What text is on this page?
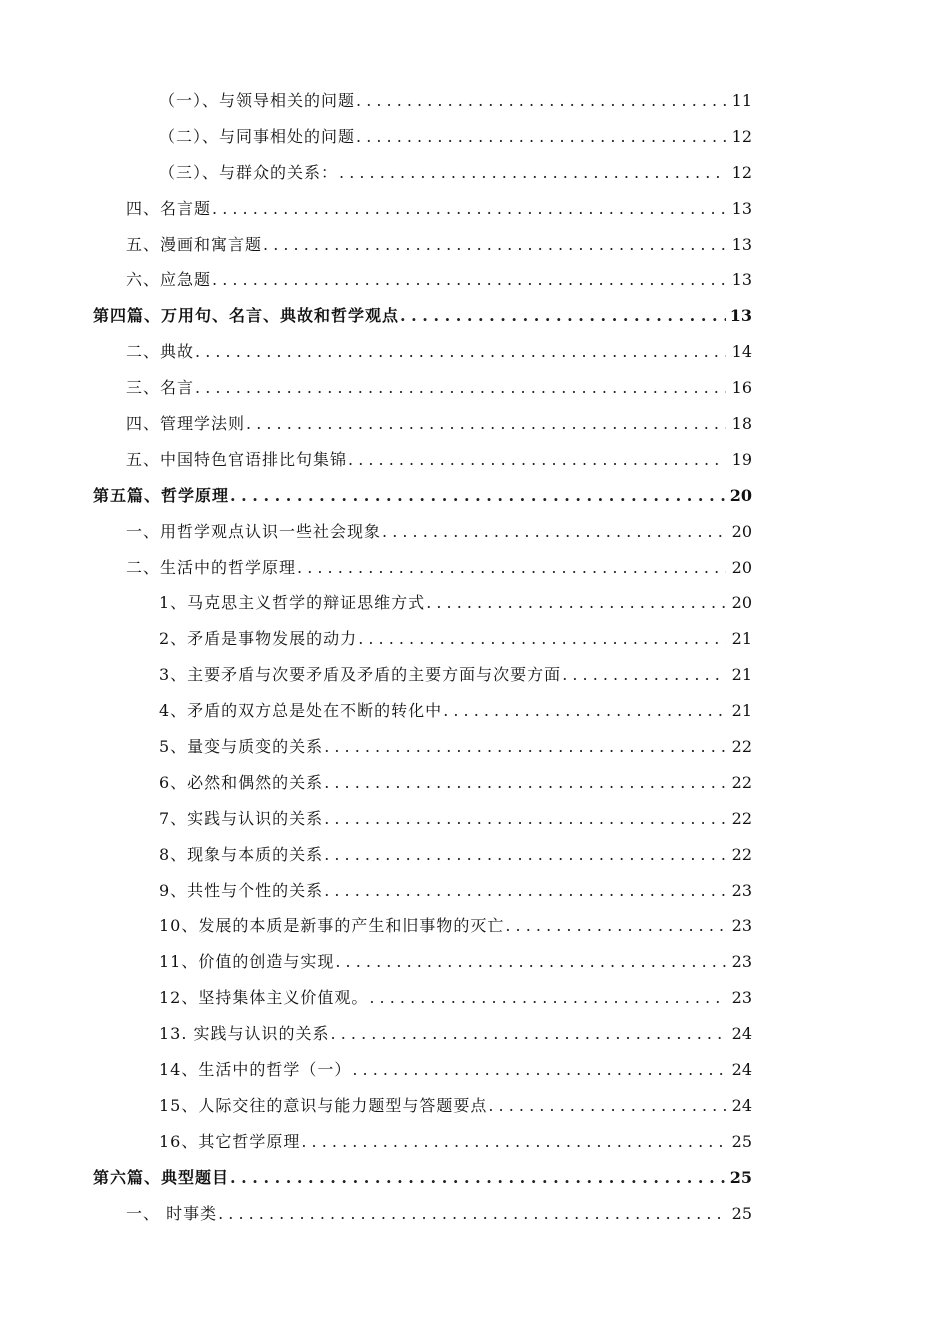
（一）、与领导相关的问题 . . .	11
（二）、与同事相处的问题 . . .	12
（三）、与群众的关系： . . .	12
四、名言题 . . .	13
五、漫画和寓言题 . . .	13
六、应急题 . . .	13
第四篇、万用句、名言、典故和哲学观点 . . .	13
二、典故 . . .	14
三、名言 . . .	16
四、管理学法则 . . .	18
五、中国特色官语排比句集锦 . . .	19
第五篇、哲学原理 . . .	20
一、用哲学观点认识一些社会现象 . . .	20
二、生活中的哲学原理 . . .	20
1、马克思主义哲学的辩证思维方式 . . .	20
2、矛盾是事物发展的动力 . . .	21
3、主要矛盾与次要矛盾及矛盾的主要方面与次要方面 . . .	21
4、矛盾的双方总是处在不断的转化中 . . .	21
5、量变与质变的关系 . . .	22
6、必然和偶然的关系 . . .	22
7、实践与认识的关系 . . .	22
8、现象与本质的关系 . . .	22
9、共性与个性的关系 . . .	23
10、发展的本质是新事的产生和旧事物的灭亡 . . .	23
11、价值的创造与实现 . . .	23
12、坚持集体主义价值观。 . . .	23
13. 实践与认识的关系 . . .	24
14、生活中的哲学（一） . . .	24
15、人际交往的意识与能力题型与答题要点 . . .	24
16、其它哲学原理 . . .	25
第六篇、典型题目 . . .	25
一、 时事类 . . .	25
